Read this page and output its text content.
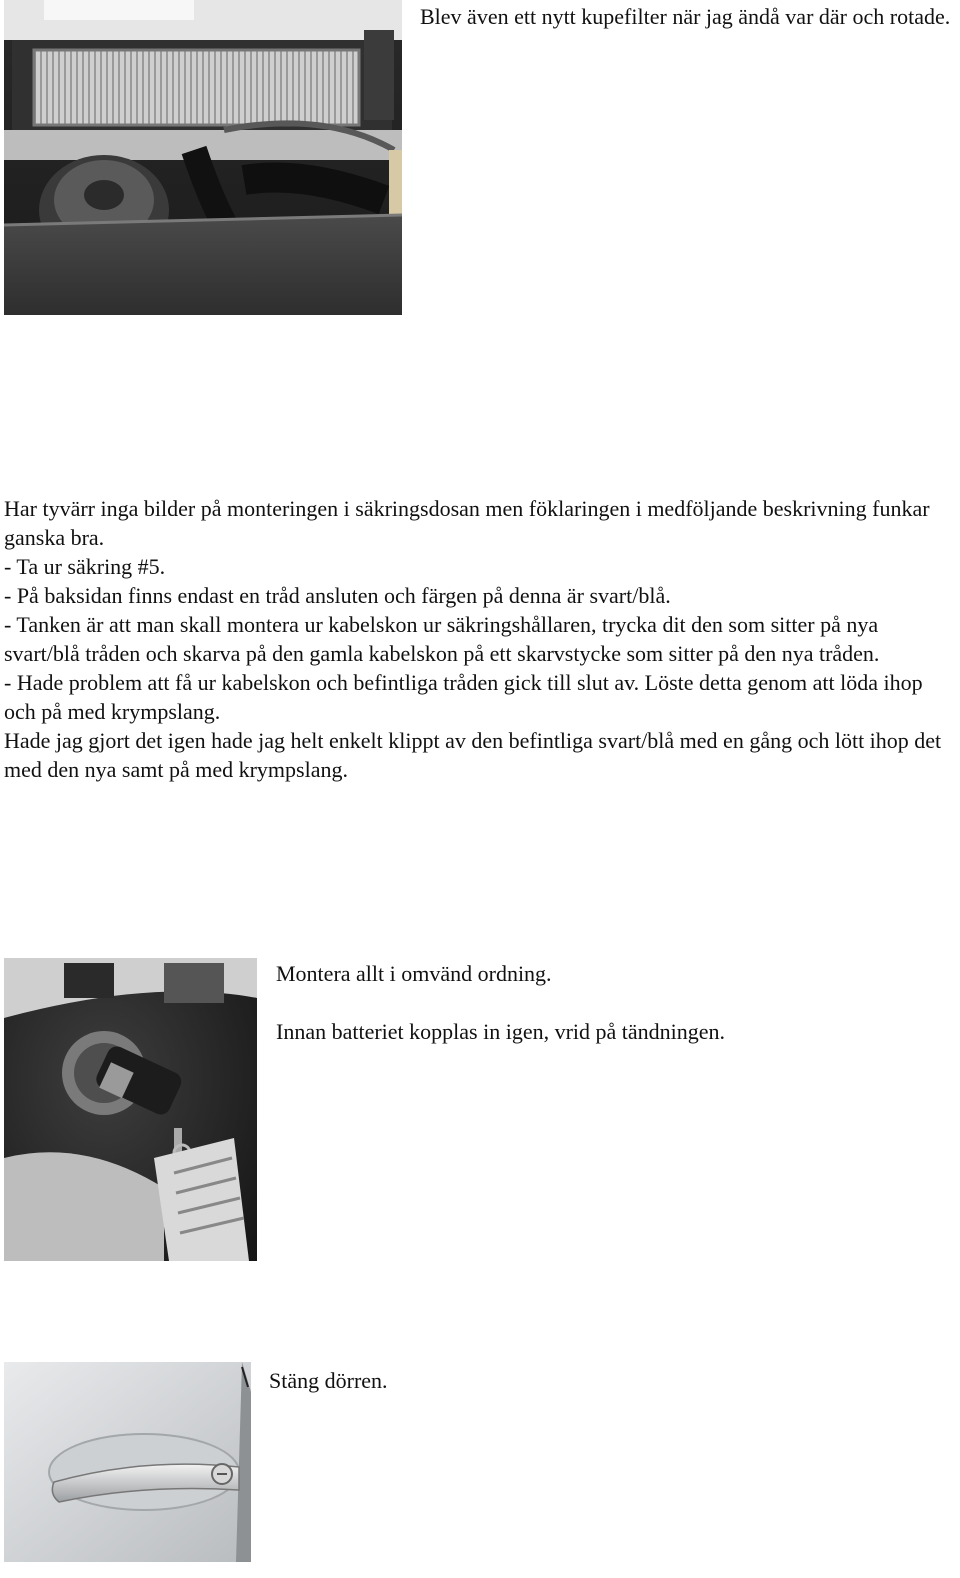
Blev även ett nytt kupefilter när jag ändå var där och rotade.

Har tyvärr inga bilder på monteringen i säkringsdosan men föklaringen i medföljande beskrivning funkar ganska bra.

- Ta ur säkring #5.

- På baksidan finns endast en tråd ansluten och färgen på denna är svart/blå.

- Tanken är att man skall montera ur kabelskon ur säkringshållaren, trycka dit den som sitter på nya svart/blå tråden och skarva på den gamla kabelskon på ett skarvstycke som sitter på den nya tråden.

- Hade problem att få ur kabelskon och befintliga tråden gick till slut av. Löste detta genom att löda ihop och på med krympslang.

Hade jag gjort det igen hade jag helt enkelt klippt av den befintliga svart/blå med en gång och lött ihop det med den nya samt på med krympslang.

Montera allt i omvänd ordning.

Innan batteriet kopplas in igen, vrid på tändningen.

Stäng dörren.
